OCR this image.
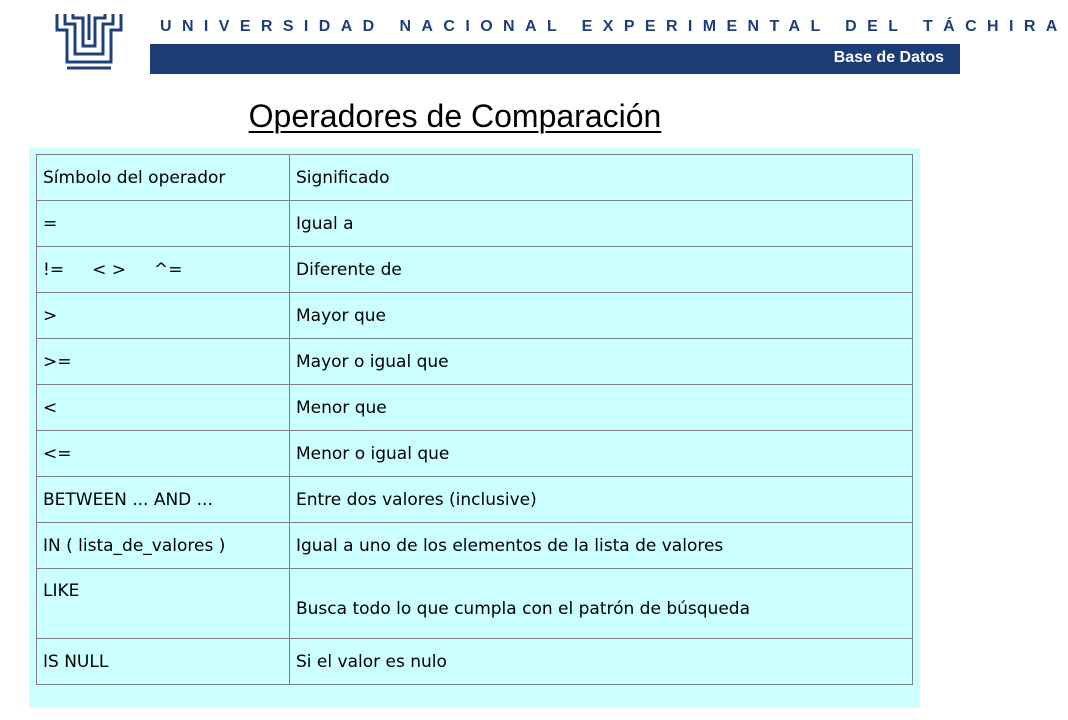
UNIVERSIDAD NACIONAL EXPERIMENTAL DEL TÁCHIRA
Base de Datos
Operadores de Comparación
Símbolo del operador	Significado
=	Igual a
!= < > ^=	Diferente de
>	Mayor que
>=	Mayor o igual que
<	Menor que
<=	Menor o igual que
BETWEEN ... AND ...	Entre dos valores (inclusive)
IN ( lista_de_valores )	Igual a uno de los elementos de la lista de valores
LIKE	Busca todo lo que cumpla con el patrón de búsqueda
IS NULL	Si el valor es nulo
